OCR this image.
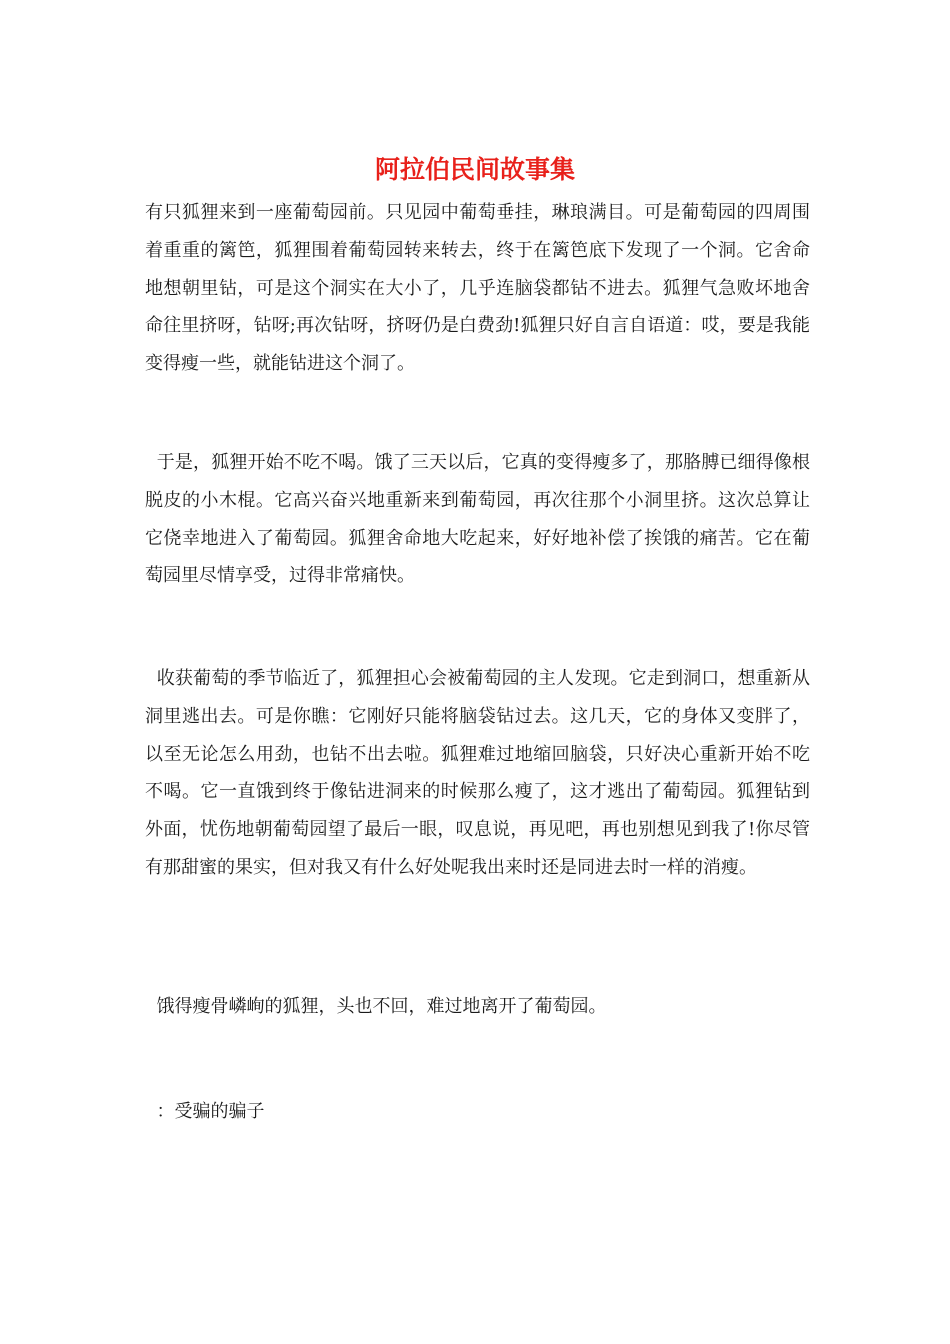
阿拉伯民间故事集

有只狐狸来到一座葡萄园前。只见园中葡萄垂挂，琳琅满目。可是葡萄园的四周围着重重的篱笆，狐狸围着葡萄园转来转去，终于在篱笆底下发现了一个洞。它舍命地想朝里钻，可是这个洞实在大小了，几乎连脑袋都钻不进去。狐狸气急败坏地舍命往里挤呀，钻呀;再次钻呀，挤呀仍是白费劲!狐狸只好自言自语道：哎，要是我能变得瘦一些，就能钻进这个洞了。

于是，狐狸开始不吃不喝。饿了三天以后，它真的变得瘦多了，那胳膊已细得像根脱皮的小木棍。它高兴奋兴地重新来到葡萄园，再次往那个小洞里挤。这次总算让它侥幸地进入了葡萄园。狐狸舍命地大吃起来，好好地补偿了挨饿的痛苦。它在葡萄园里尽情享受，过得非常痛快。

收获葡萄的季节临近了，狐狸担心会被葡萄园的主人发现。它走到洞口，想重新从洞里逃出去。可是你瞧：它刚好只能将脑袋钻过去。这几天，它的身体又变胖了，以至无论怎么用劲，也钻不出去啦。狐狸难过地缩回脑袋，只好决心重新开始不吃不喝。它一直饿到终于像钻进洞来的时候那么瘦了，这才逃出了葡萄园。狐狸钻到外面，忧伤地朝葡萄园望了最后一眼，叹息说，再见吧，再也别想见到我了!你尽管有那甜蜜的果实，但对我又有什么好处呢我出来时还是同进去时一样的消瘦。

饿得瘦骨嶙峋的狐狸，头也不回，难过地离开了葡萄园。

：受骗的骗子
